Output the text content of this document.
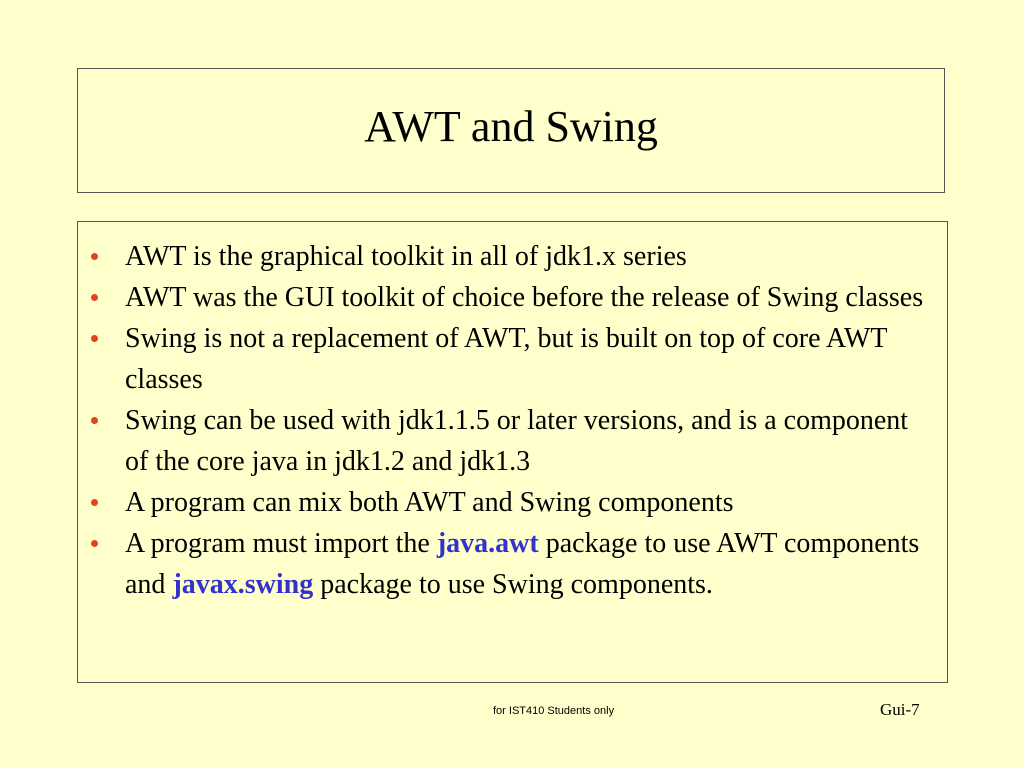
AWT and Swing
AWT is the graphical toolkit in all of jdk1.x series
AWT was the GUI toolkit of choice before the release of Swing classes
Swing is not a replacement of AWT, but is built on top of core AWT classes
Swing can be used with jdk1.1.5 or later versions, and is a component of the core java in jdk1.2 and jdk1.3
A program can mix both AWT and Swing components
A program must import the java.awt package to use AWT components and javax.swing package to use Swing components.
for IST410 Students only	Gui-7
